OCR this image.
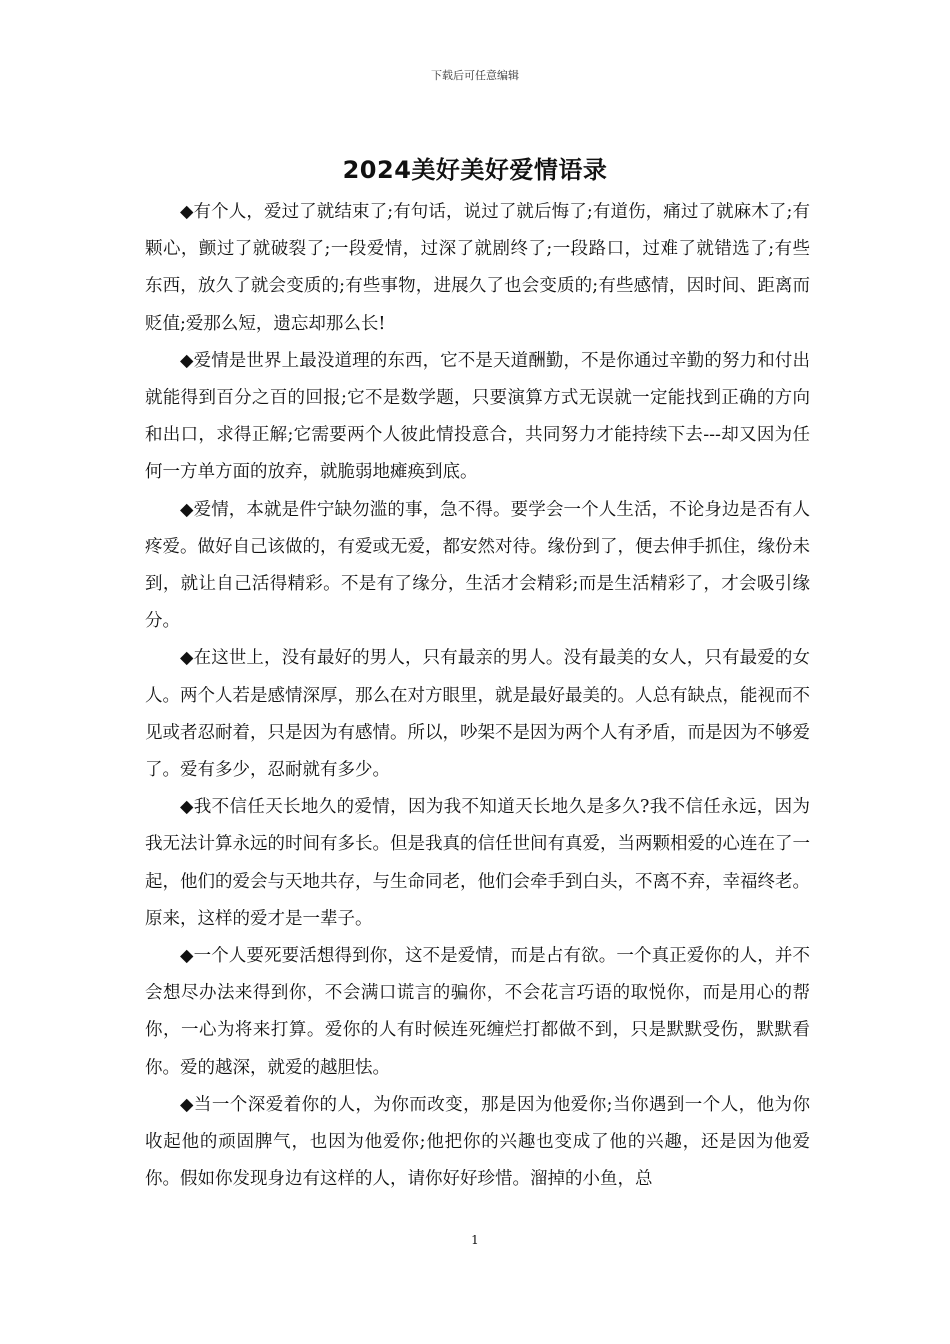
下载后可任意编辑
2024美好美好爱情语录

◆有个人，爱过了就结束了;有句话，说过了就后悔了;有道伤，痛过了就麻木了;有颗心，颤过了就破裂了;一段爱情，过深了就剧终了;一段路口，过难了就错选了;有些东西，放久了就会变质的;有些事物，进展久了也会变质的;有些感情，因时间、距离而贬值;爱那么短，遗忘却那么长!

◆爱情是世界上最没道理的东西，它不是天道酬勤，不是你通过辛勤的努力和付出就能得到百分之百的回报;它不是数学题，只要演算方式无误就一定能找到正确的方向和出口，求得正解;它需要两个人彼此情投意合，共同努力才能持续下去---却又因为任何一方单方面的放弃，就脆弱地瘫痪到底。

◆爱情，本就是件宁缺勿滥的事，急不得。要学会一个人生活，不论身边是否有人疼爱。做好自己该做的，有爱或无爱，都安然对待。缘份到了，便去伸手抓住，缘份未到，就让自己活得精彩。不是有了缘分，生活才会精彩;而是生活精彩了，才会吸引缘分。

◆在这世上，没有最好的男人，只有最亲的男人。没有最美的女人，只有最爱的女人。两个人若是感情深厚，那么在对方眼里，就是最好最美的。人总有缺点，能视而不见或者忍耐着，只是因为有感情。所以，吵架不是因为两个人有矛盾，而是因为不够爱了。爱有多少，忍耐就有多少。

◆我不信任天长地久的爱情，因为我不知道天长地久是多久?我不信任永远，因为我无法计算永远的时间有多长。但是我真的信任世间有真爱，当两颗相爱的心连在了一起，他们的爱会与天地共存，与生命同老，他们会牵手到白头，不离不弃，幸福终老。原来，这样的爱才是一辈子。

◆一个人要死要活想得到你，这不是爱情，而是占有欲。一个真正爱你的人，并不会想尽办法来得到你，不会满口谎言的骗你，不会花言巧语的取悦你，而是用心的帮你，一心为将来打算。爱你的人有时候连死缠烂打都做不到，只是默默受伤，默默看你。爱的越深，就爱的越胆怯。

◆当一个深爱着你的人，为你而改变，那是因为他爱你;当你遇到一个人，他为你收起他的顽固脾气，也因为他爱你;他把你的兴趣也变成了他的兴趣，还是因为他爱你。假如你发现身边有这样的人，请你好好珍惜。溜掉的小鱼，总

1
